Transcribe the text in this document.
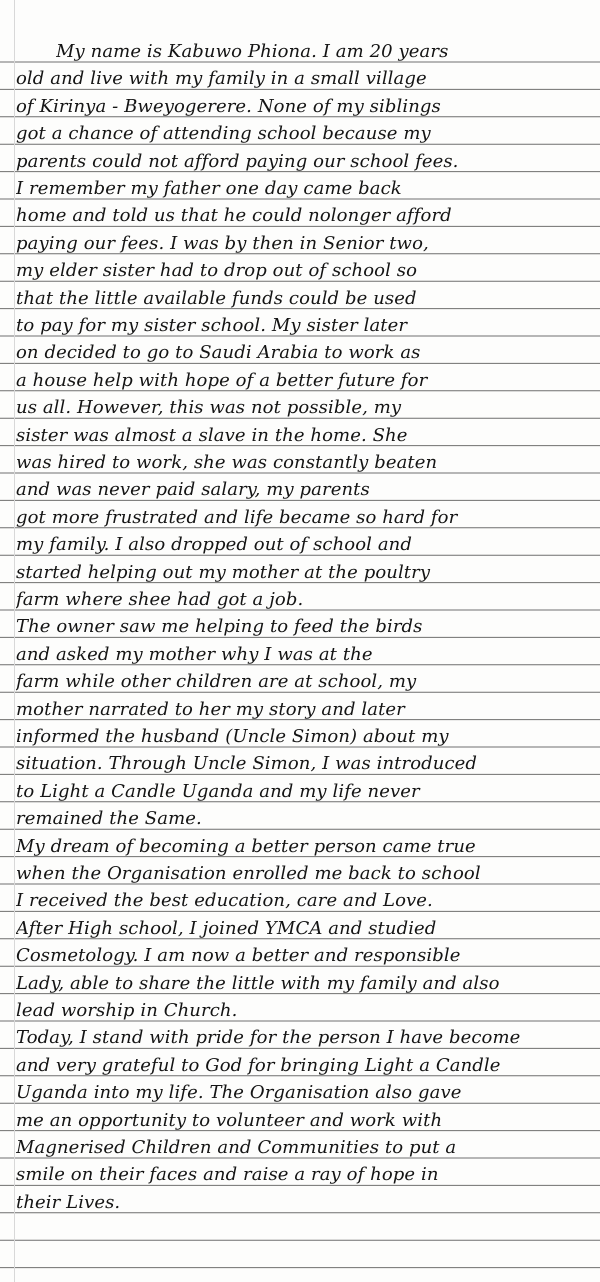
My name is Kabuwo Phiona. I am 20 years
old and live with my family in a small village
of Kirinya - Bweyogerere. None of my siblings
got a chance of attending school because my
parents could not afford paying our school fees.
I remember my father one day came back
home and told us that he could nolonger afford
paying our fees. I was by then in Senior two,
my elder sister had to drop out of school so
that the little available funds could be used
to pay for my sister school. My sister later
on decided to go to Saudi Arabia to work as
a house help with hope of a better future for
us all. However, this was not possible, my
sister was almost a slave in the home. She
was hired to work, she was constantly beaten
and was never paid salary, my parents
got more frustrated and life became so hard for
my family. I also dropped out of school and
started helping out my mother at the poultry
farm where shee had got a job.
The owner saw me helping to feed the birds
and asked my mother why I was at the
farm while other children are at school, my
mother narrated to her my story and later
informed the husband (Uncle Simon) about my
situation. Through Uncle Simon, I was introduced
to Light a Candle Uganda and my life never
remained the Same.
My dream of becoming a better person came true
when the Organisation enrolled me back to school
I received the best education, care and Love.
After High school, I joined YMCA and studied
Cosmetology. I am now a better and responsible
Lady, able to share the little with my family and also
lead worship in Church.
Today, I stand with pride for the person I have become
and very grateful to God for bringing Light a Candle
Uganda into my life. The Organisation also gave
me an opportunity to volunteer and work with
Magnerised Children and Communities to put a
smile on their faces and raise a ray of hope in
their Lives.
